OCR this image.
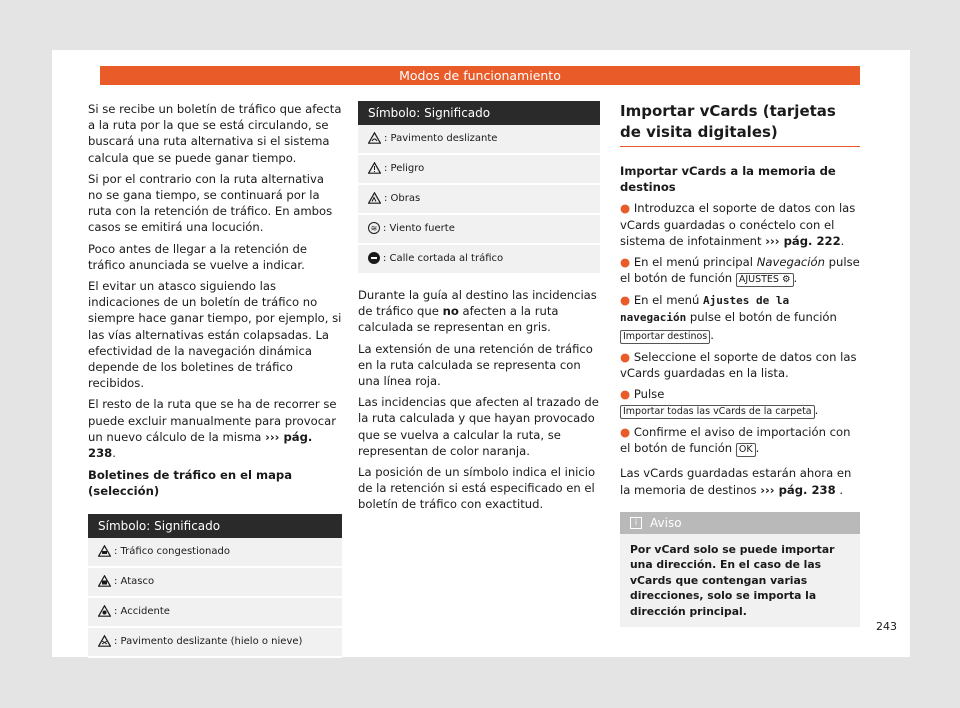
Modos de funcionamiento

Si se recibe un boletín de tráfico que afecta a la ruta por la que se está circulando, se buscará una ruta alternativa si el sistema calcula que se puede ganar tiempo.

Si por el contrario con la ruta alternativa no se gana tiempo, se continuará por la ruta con la retención de tráfico. En ambos casos se emitirá una locución.

Poco antes de llegar a la retención de tráfico anunciada se vuelve a indicar.

El evitar un atasco siguiendo las indicaciones de un boletín de tráfico no siempre hace ganar tiempo, por ejemplo, si las vías alternativas están colapsadas. La efectividad de la navegación dinámica depende de los boletines de tráfico recibidos.

El resto de la ruta que se ha de recorrer se puede excluir manualmente para provocar un nuevo cálculo de la misma ››› pág. 238.

Boletines de tráfico en el mapa (selección)
Símbolo: Significado
: Tráfico congestionado
: Atasco
: Accidente
: Pavimento deslizante (hielo o nieve)
Símbolo: Significado
: Pavimento deslizante
: Peligro
: Obras
≋ : Viento fuerte
: Calle cortada al tráfico

Durante la guía al destino las incidencias de tráfico que no afecten a la ruta calculada se representan en gris.

La extensión de una retención de tráfico en la ruta calculada se representa con una línea roja.

Las incidencias que afecten al trazado de la ruta calculada y que hayan provocado que se vuelva a calcular la ruta, se representan de color naranja.

La posición de un símbolo indica el inicio de la retención si está especificado en el boletín de tráfico con exactitud.

Importar vCards (tarjetas de visita digitales)
Importar vCards a la memoria de destinos

● Introduzca el soporte de datos con las vCards guardadas o conéctelo con el sistema de infotainment ››› pág. 222.

● En el menú principal Navegación pulse el botón de función AJUSTES ⚙ .

● En el menú Ajustes de la navegación pulse el botón de función Importar destinos .

● Seleccione el soporte de datos con las vCards guardadas en la lista.

● Pulse Importar todas las vCards de la carpeta .

● Confirme el aviso de importación con el botón de función OK .

Las vCards guardadas estarán ahora en la memoria de destinos ››› pág. 238 .

i Aviso
Por vCard solo se puede importar una dirección. En el caso de las vCards que contengan varias direcciones, solo se importa la dirección principal.
243
